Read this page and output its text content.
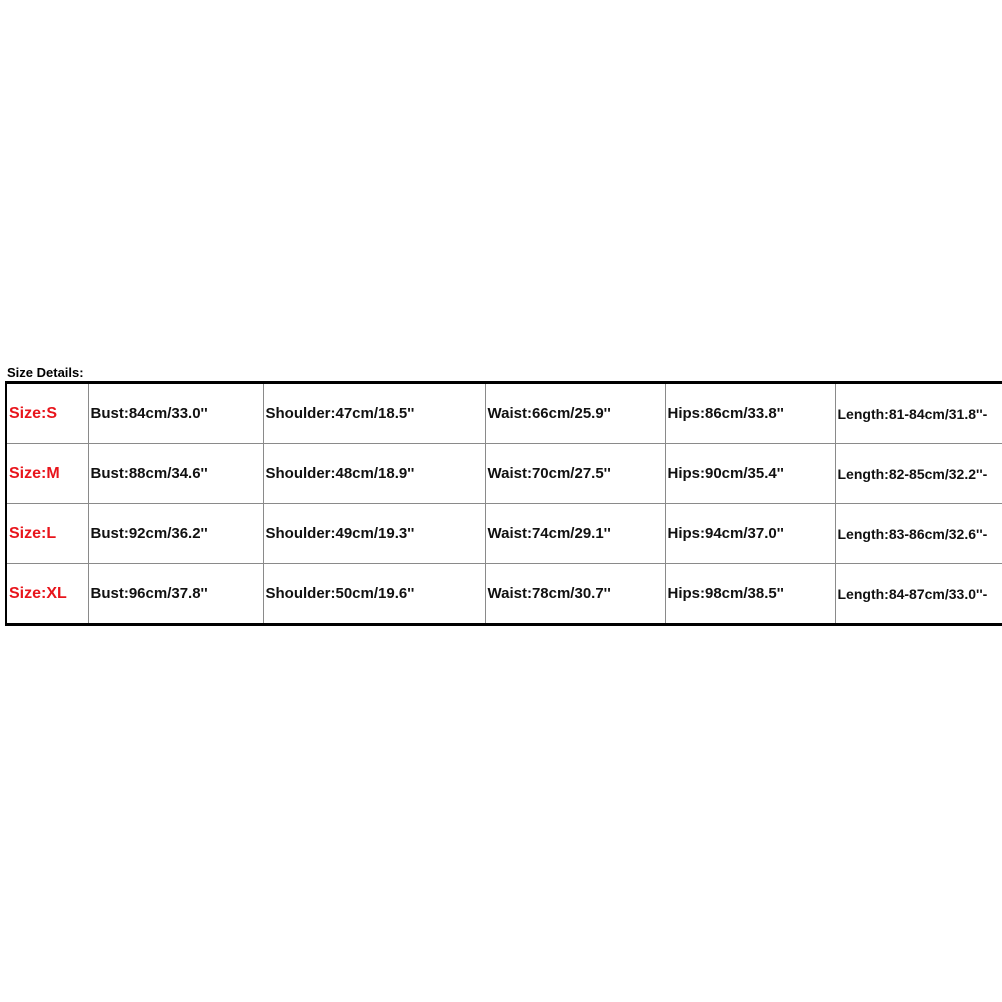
Size Details:
Size:S	Bust:84cm/33.0''	Shoulder:47cm/18.5''	Waist:66cm/25.9''	Hips:86cm/33.8''	Length:81-84cm/31.8''-
Size:M	Bust:88cm/34.6''	Shoulder:48cm/18.9''	Waist:70cm/27.5''	Hips:90cm/35.4''	Length:82-85cm/32.2''-
Size:L	Bust:92cm/36.2''	Shoulder:49cm/19.3''	Waist:74cm/29.1''	Hips:94cm/37.0''	Length:83-86cm/32.6''-
Size:XL	Bust:96cm/37.8''	Shoulder:50cm/19.6''	Waist:78cm/30.7''	Hips:98cm/38.5''	Length:84-87cm/33.0''-
